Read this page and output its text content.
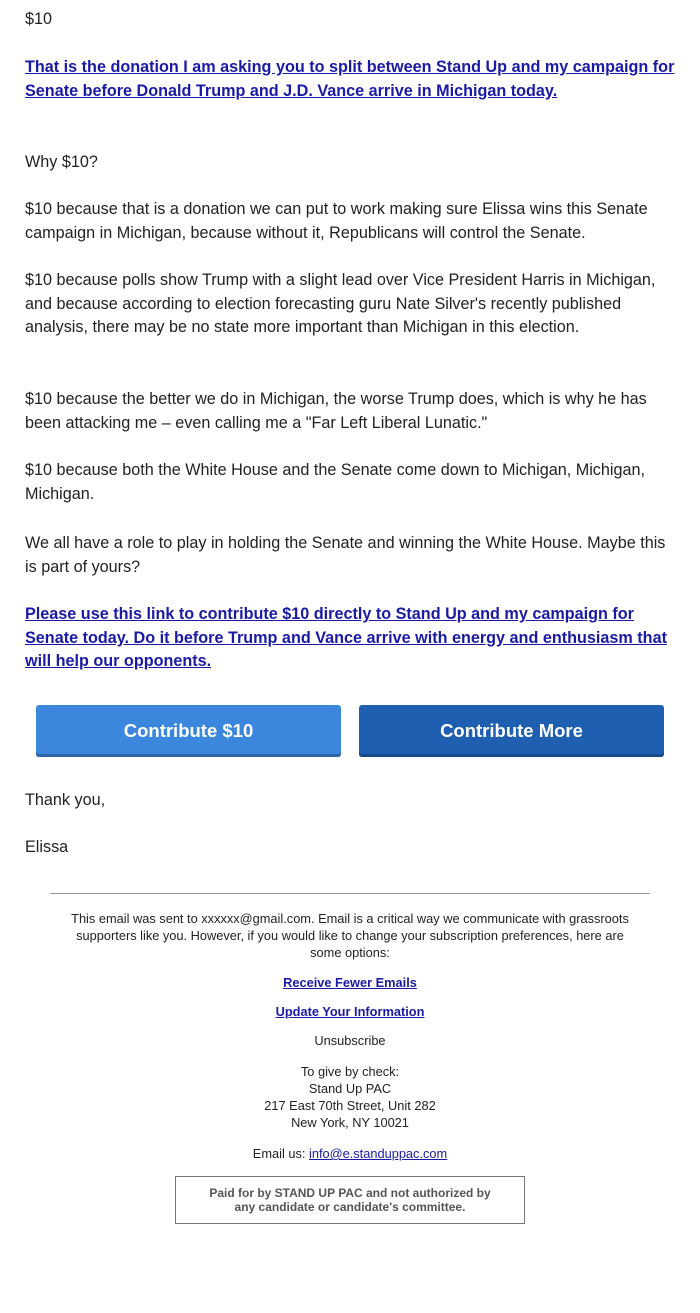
$10

That is the donation I am asking you to split between Stand Up and my campaign for Senate before Donald Trump and J.D. Vance arrive in Michigan today.

Why $10?

$10 because that is a donation we can put to work making sure Elissa wins this Senate campaign in Michigan, because without it, Republicans will control the Senate.

$10 because polls show Trump with a slight lead over Vice President Harris in Michigan, and because according to election forecasting guru Nate Silver's recently published analysis, there may be no state more important than Michigan in this election.

$10 because the better we do in Michigan, the worse Trump does, which is why he has been attacking me – even calling me a "Far Left Liberal Lunatic."

$10 because both the White House and the Senate come down to Michigan, Michigan, Michigan.

We all have a role to play in holding the Senate and winning the White House. Maybe this is part of yours?

Please use this link to contribute $10 directly to Stand Up and my campaign for Senate today. Do it before Trump and Vance arrive with energy and enthusiasm that will help our opponents.

Thank you,

Elissa

Contribute $10	Contribute More
This email was sent to xxxxxx@gmail.com. Email is a critical way we communicate with grassroots supporters like you. However, if you would like to change your subscription preferences, here are some options:
Receive Fewer Emails
Update Your Information
Unsubscribe
To give by check:
Stand Up PAC
217 East 70th Street, Unit 282
New York, NY 10021
Email us: info@e.standuppac.com
Paid for by STAND UP PAC and not authorized by
any candidate or candidate's committee.
